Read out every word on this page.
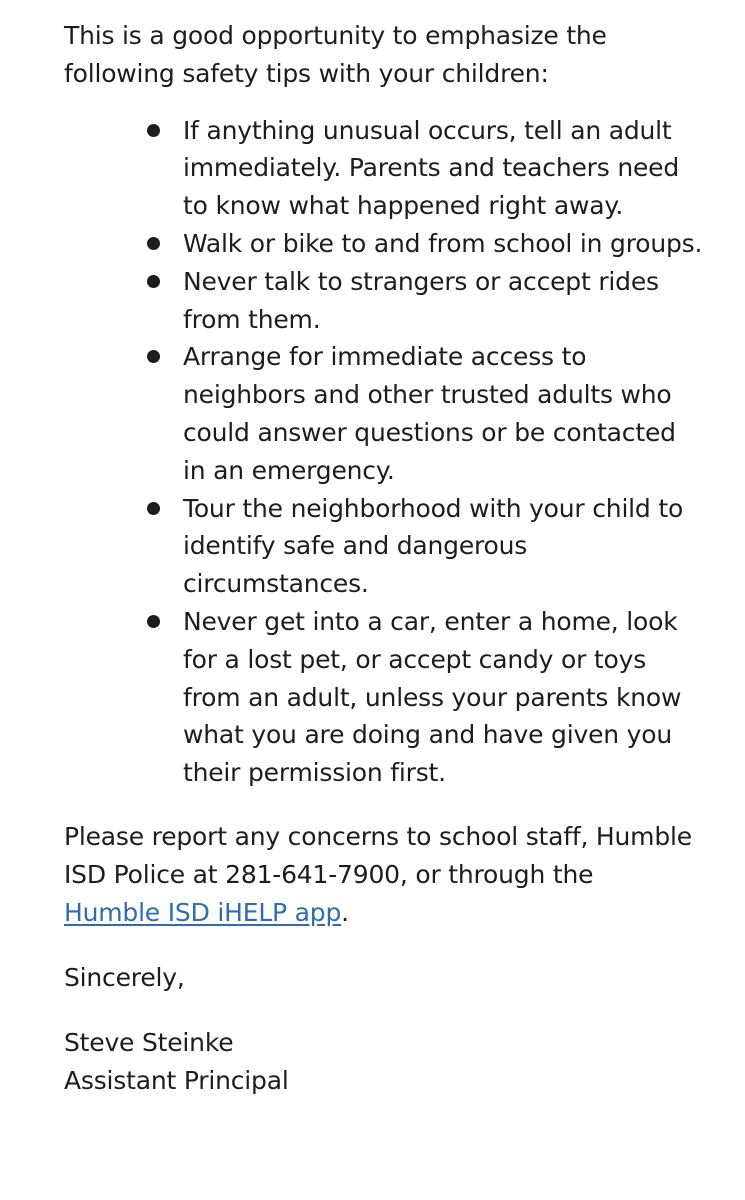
This is a good opportunity to emphasize the following safety tips with your children:

If anything unusual occurs, tell an adult immediately. Parents and teachers need to know what happened right away.
Walk or bike to and from school in groups.
Never talk to strangers or accept rides from them.
Arrange for immediate access to neighbors and other trusted adults who could answer questions or be contacted in an emergency.
Tour the neighborhood with your child to identify safe and dangerous circumstances.
Never get into a car, enter a home, look for a lost pet, or accept candy or toys from an adult, unless your parents know what you are doing and have given you their permission first.

Please report any concerns to school staff, Humble ISD Police at 281-641-7900, or through the Humble ISD iHELP app.

Sincerely,

Steve Steinke

Assistant Principal
